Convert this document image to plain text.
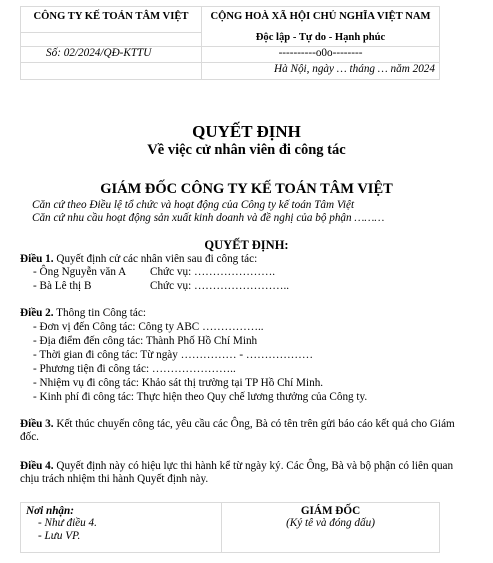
CÔNG TY KẾ TOÁN TÂM VIỆT	CỘNG HOÀ XÃ HỘI CHỦ NGHĨA VIỆT NAM
Độc lập - Tự do - Hạnh phúc

Số: 02/2024/QĐ-KTTU	----------o0o--------
	Hà Nội, ngày … tháng … năm 2024
QUYẾT ĐỊNH
Về việc cử nhân viên đi công tác
GIÁM ĐỐC CÔNG TY KẾ TOÁN TÂM VIỆT
Căn cứ theo Điều lệ tổ chức và hoạt động của Công ty kế toán Tâm Việt
Căn cứ nhu cầu hoạt động sản xuất kinh doanh và đề nghị của bộ phận ………
QUYẾT ĐỊNH:
Điều 1. Quyết định cử các nhân viên sau đi công tác:
- Ông Nguyễn văn A Chức vụ: ………………….
- Bà Lê thị B	Chức vụ: ……………………..
Điều 2. Thông tin Công tác:
- Đơn vị đến Công tác: Công ty ABC ……………..
- Địa điểm đến công tác: Thành Phố Hồ Chí Minh
- Thời gian đi công tác: Từ ngày …………… - ………………
- Phương tiện đi công tác: …………………..
- Nhiệm vụ đi công tác: Khảo sát thị trường tại TP Hồ Chí Minh.
- Kinh phí đi công tác: Thực hiện theo Quy chế lương thưởng của Công ty.
Điều 3. Kết thúc chuyến công tác, yêu cầu các Ông, Bà có tên trên gửi báo cáo kết quả cho Giám đốc.
Điều 4. Quyết định này có hiệu lực thi hành kể từ ngày ký. Các Ông, Bà và bộ phận có liên quan chịu trách nhiệm thi hành Quyết định này.
Nơi nhận:
- Như điều 4.
- Lưu VP.

GIÁM ĐỐC
(Ký tê và đóng dấu)
